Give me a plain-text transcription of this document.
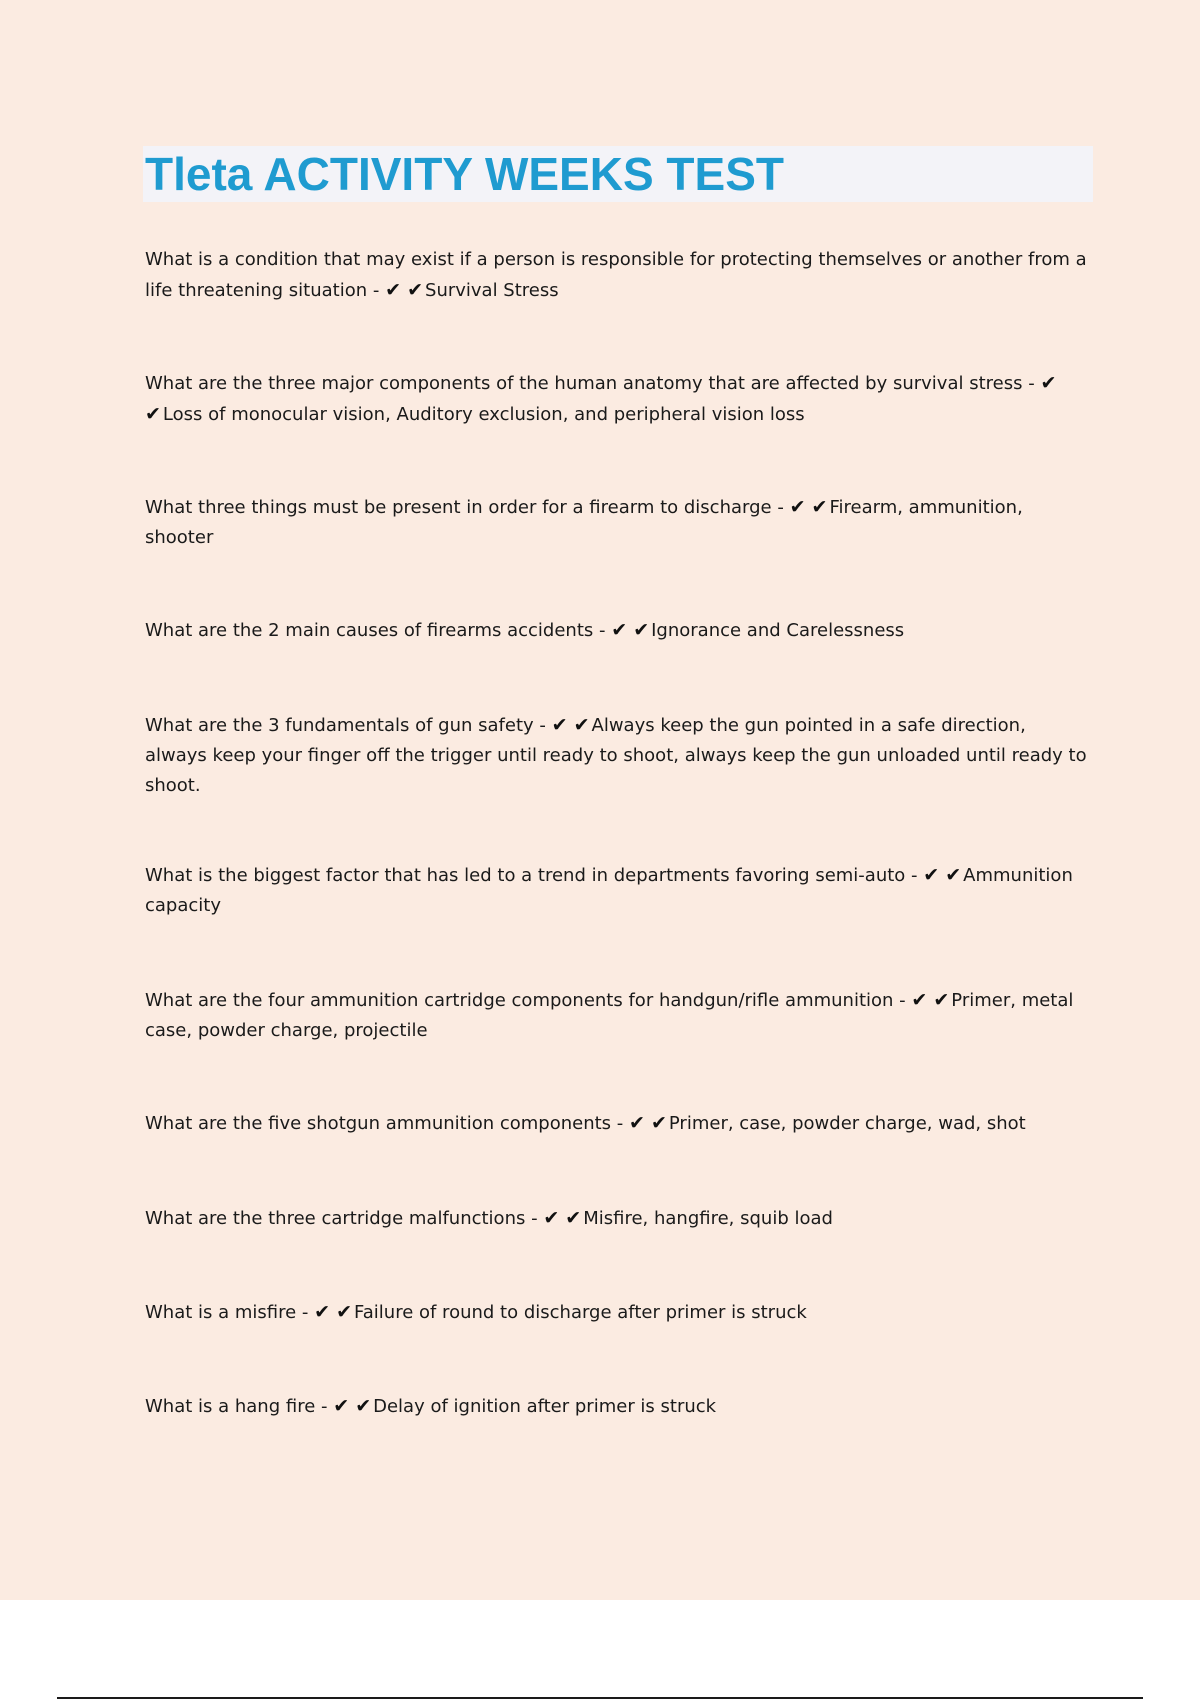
Tleta ACTIVITY WEEKS TEST

What is a condition that may exist if a person is responsible for protecting themselves or another from a life threatening situation - ✔ ✔ Survival Stress

What are the three major components of the human anatomy that are affected by survival stress - ✔ ✔ Loss of monocular vision, Auditory exclusion, and peripheral vision loss

What three things must be present in order for a firearm to discharge - ✔ ✔ Firearm, ammunition, shooter

What are the 2 main causes of firearms accidents - ✔ ✔ Ignorance and Carelessness

What are the 3 fundamentals of gun safety - ✔ ✔ Always keep the gun pointed in a safe direction, always keep your finger off the trigger until ready to shoot, always keep the gun unloaded until ready to shoot.

What is the biggest factor that has led to a trend in departments favoring semi-auto - ✔ ✔ Ammunition capacity

What are the four ammunition cartridge components for handgun/rifle ammunition - ✔ ✔ Primer, metal case, powder charge, projectile

What are the five shotgun ammunition components - ✔ ✔ Primer, case, powder charge, wad, shot

What are the three cartridge malfunctions - ✔ ✔ Misfire, hangfire, squib load

What is a misfire - ✔ ✔ Failure of round to discharge after primer is struck

What is a hang fire - ✔ ✔ Delay of ignition after primer is struck
